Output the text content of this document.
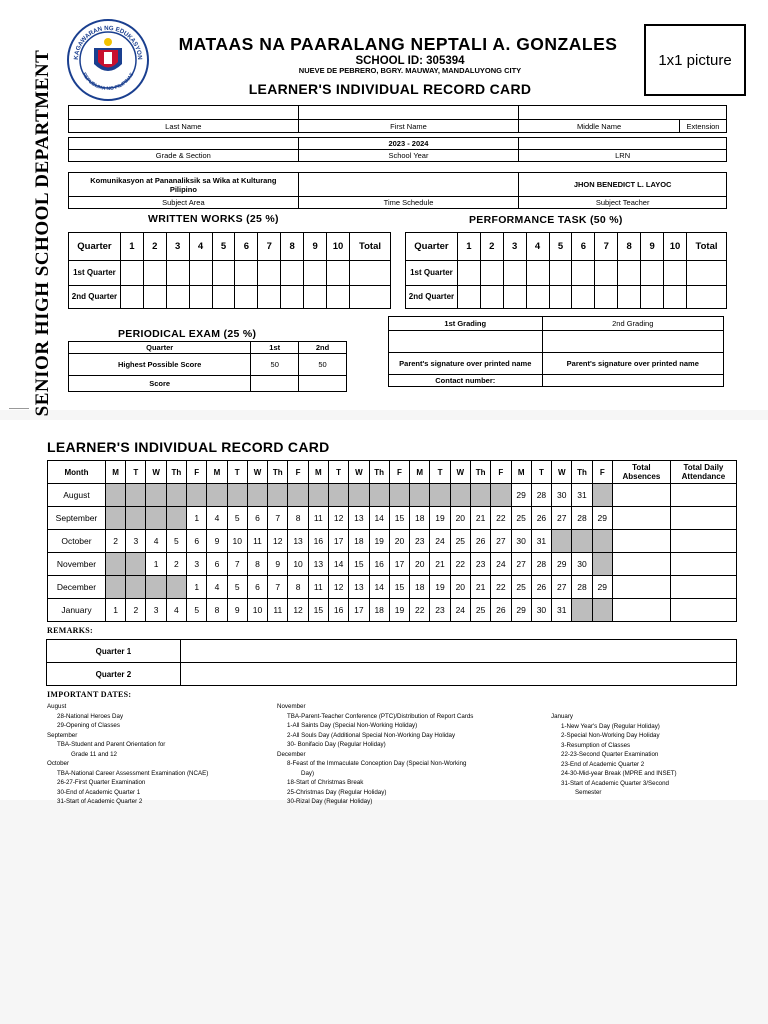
SENIOR HIGH SCHOOL DEPARTMENT	KAGAWARAN NG EDUKASYON
REPUBLIKA NG PILIPINAS
MATAAS NA PAARALANG NEPTALI A. GONZALES
SCHOOL ID: 305394
NUEVE DE PEBRERO, BGRY. MAUWAY, MANDALUYONG CITY
LEARNER'S INDIVIDUAL RECORD CARD
1x1 picture

Last Name	First Name	Middle Name	Extension
	2023 - 2024	
Grade & Section	School Year	LRN
Komunikasyon at Pananaliksik sa Wika at Kulturang Pilipino		JHON BENEDICT L. LAYOC
Subject Area	Time Schedule	Subject Teacher
WRITTEN WORKS (25 %)
Quarter	1	2	3	4	5	6	7	8	9	10	Total
1st Quarter											
2nd Quarter											
PERFORMANCE TASK (50 %)
Quarter	1	2	3	4	5	6	7	8	9	10	Total
1st Quarter											
2nd Quarter											
PERIODICAL EXAM (25 %)
Quarter	1st	2nd
Highest Possible Score	50	50
Score		
1st Grading	2nd Grading

Parent's signature over printed name	Parent's signature over printed name
Contact number:	
LEARNER'S INDIVIDUAL RECORD CARD
Month	M	T	W	Th	F	M	T	W	Th	F	M	T	W	Th	F	M	T	W	Th	F	M	T	W	Th	F	Total Absences	Total Daily Attendance
August																					29	28	30	31			
September					1	4	5	6	7	8	11	12	13	14	15	18	19	20	21	22	25	26	27	28	29		
October	2	3	4	5	6	9	10	11	12	13	16	17	18	19	20	23	24	25	26	27	30	31					
November			1	2	3	6	7	8	9	10	13	14	15	16	17	20	21	22	23	24	27	28	29	30			
December					1	4	5	6	7	8	11	12	13	14	15	18	19	20	21	22	25	26	27	28	29		
January	1	2	3	4	5	8	9	10	11	12	15	16	17	18	19	22	23	24	25	26	29	30	31				
REMARKS:
Quarter 1	
Quarter 2	
IMPORTANT DATES:
August
28-National Heroes Day
29-Opening of Classes
September
TBA-Student and Parent Orientation for
Grade 11 and 12
October
TBA-National Career Assessment Examination (NCAE)
26-27-First Quarter Examination
30-End of Academic Quarter 1
31-Start of Academic Quarter 2
November
TBA-Parent-Teacher Conference (PTC)/Distribution of Report Cards
1-All Saints Day (Special Non-Working Holiday)
2-All Souls Day (Additional Special Non-Working Day Holiday
30- Bonifacio Day (Regular Holiday)
December
8-Feast of the Immaculate Conception Day (Special Non-Working
Day)
18-Start of Christmas Break
25-Christmas Day (Regular Holiday)
30-Rizal Day (Regular Holiday)
January
1-New Year's Day (Regular Holiday)
2-Special Non-Working Day Holiday
3-Resumption of Classes
22-23-Second Quarter Examination
23-End of Academic Quarter 2
24-30-Mid-year Break (MPRE and INSET)
31-Start of Academic Quarter 3/Second
Semester
